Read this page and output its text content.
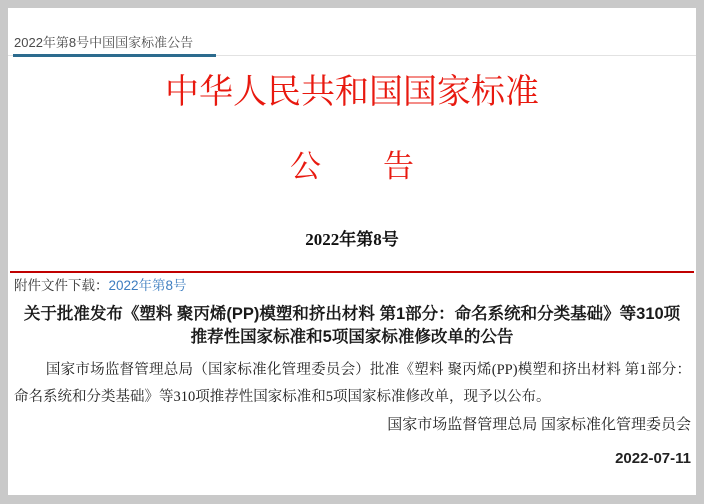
2022年第8号中国国家标准公告
中华人民共和国国家标准
公　　告
2022年第8号
附件文件下载：2022年第8号
关于批准发布《塑料 聚丙烯(PP)模塑和挤出材料 第1部分：命名系统和分类基础》等310项推荐性国家标准和5项国家标准修改单的公告

国家市场监督管理总局（国家标准化管理委员会）批准《塑料 聚丙烯(PP)模塑和挤出材料 第1部分：命名系统和分类基础》等310项推荐性国家标准和5项国家标准修改单，现予以公布。

国家市场监督管理总局 国家标准化管理委员会
2022-07-11
